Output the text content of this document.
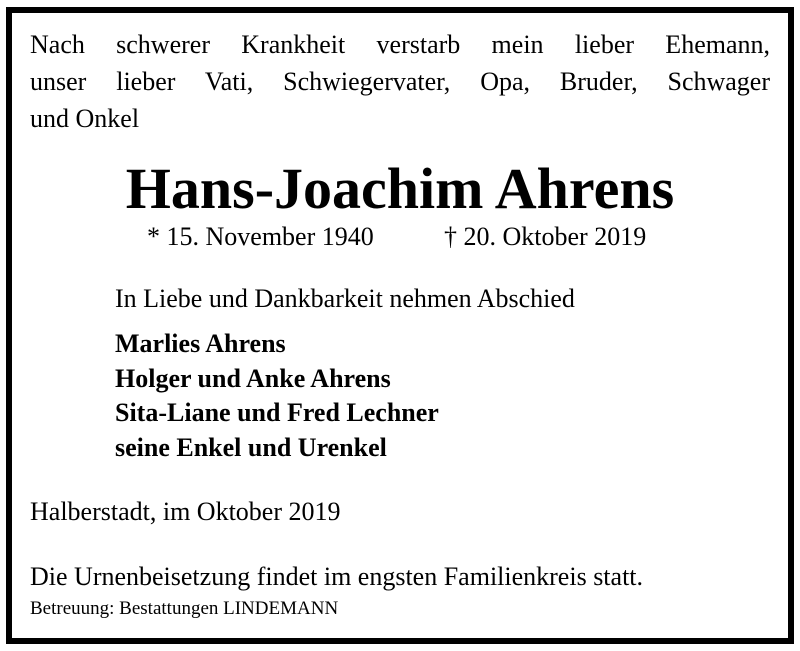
Nach schwerer Krankheit verstarb mein lieber Ehemann,
unser lieber Vati, Schwiegervater, Opa, Bruder, Schwager
und Onkel

Hans-Joachim Ahrens
* 15. November 1940	† 20. Oktober 2019
In Liebe und Dankbarkeit nehmen Abschied
Marlies Ahrens
Holger und Anke Ahrens
Sita-Liane und Fred Lechner
seine Enkel und Urenkel
Halberstadt, im Oktober 2019
Die Urnenbeisetzung findet im engsten Familienkreis statt.
Betreuung: Bestattungen LINDEMANN
